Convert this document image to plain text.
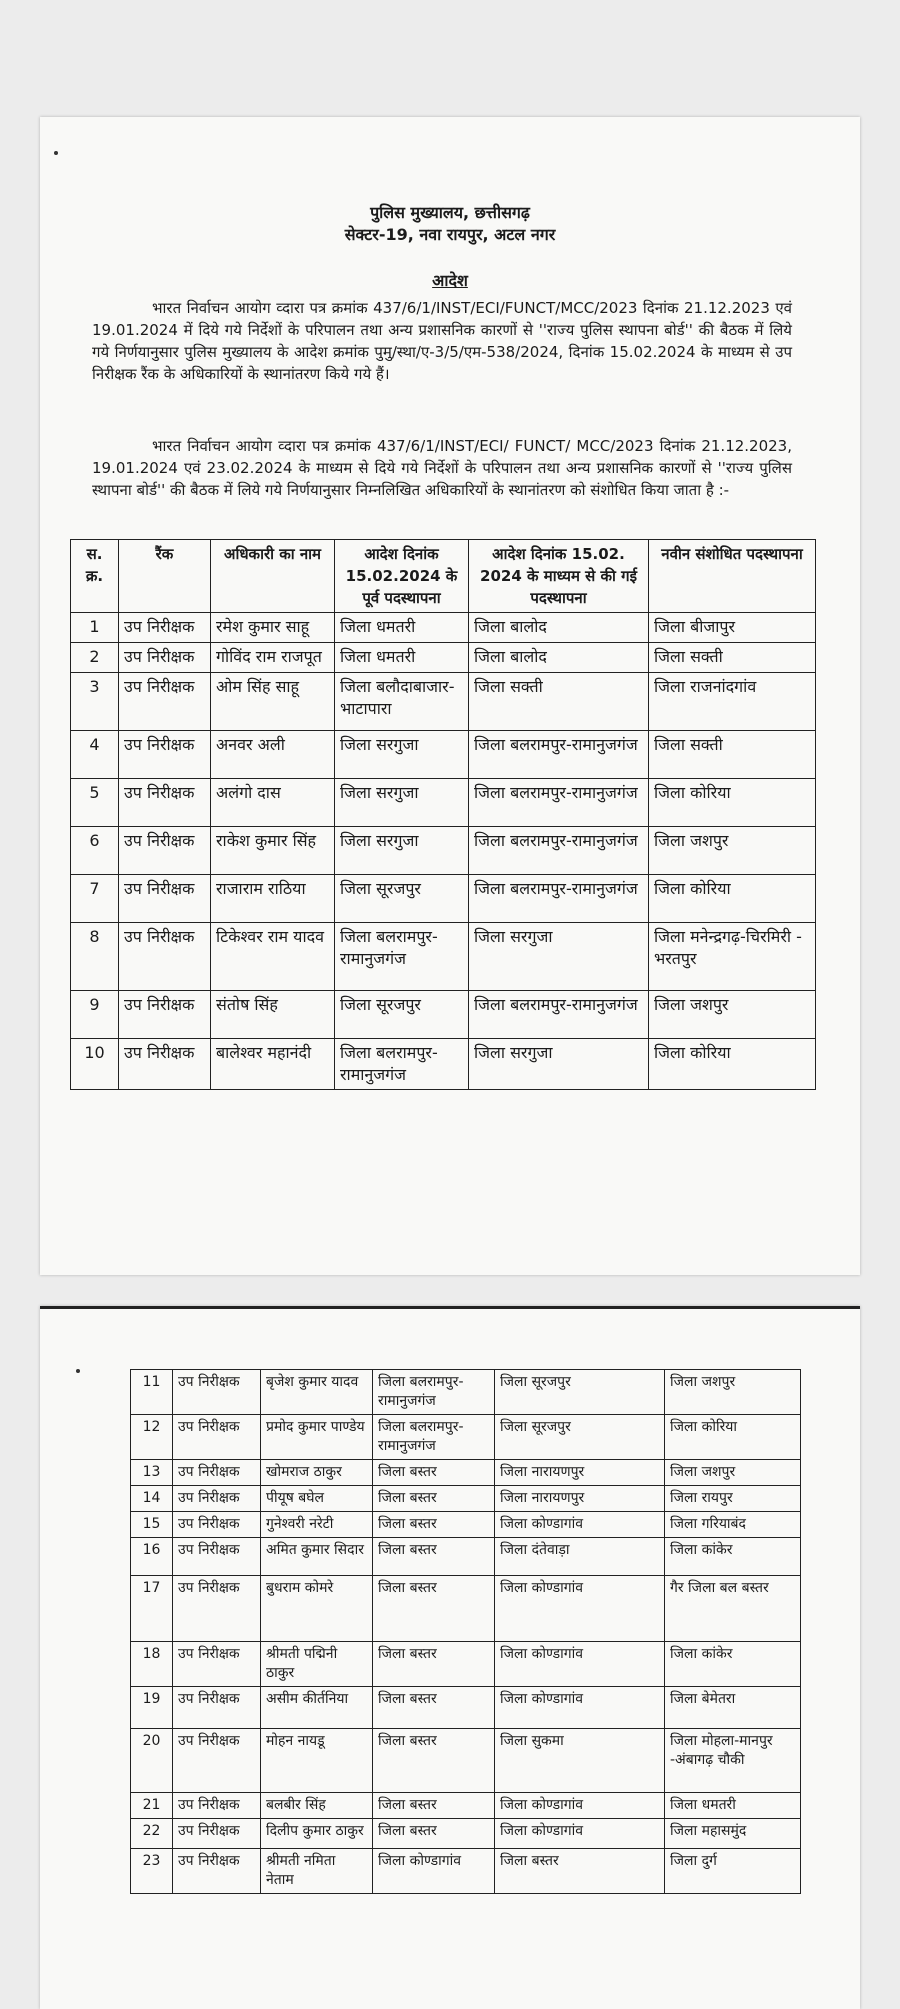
पुलिस मुख्यालय, छत्तीसगढ़
सेक्टर-19, नवा रायपुर, अटल नगर
आदेश

भारत निर्वाचन आयोग व्दारा पत्र क्रमांक 437/6/1/INST/ECI/FUNCT/MCC/2023 दिनांक 21.12.2023 एवं 19.01.2024 में दिये गये निर्देशों के परिपालन तथा अन्य प्रशासनिक कारणों से ''राज्य पुलिस स्थापना बोर्ड'' की बैठक में लिये गये निर्णयानुसार पुलिस मुख्यालय के आदेश क्रमांक पुमु/स्था/ए-3/5/एम-538/2024, दिनांक 15.02.2024 के माध्यम से उप निरीक्षक रैंक के अधिकारियों के स्थानांतरण किये गये हैं।

भारत निर्वाचन आयोग व्दारा पत्र क्रमांक 437/6/1/INST/ECI/ FUNCT/ MCC/2023 दिनांक 21.12.2023, 19.01.2024 एवं 23.02.2024 के माध्यम से दिये गये निर्देशों के परिपालन तथा अन्य प्रशासनिक कारणों से ''राज्य पुलिस स्थापना बोर्ड'' की बैठक में लिये गये निर्णयानुसार निम्नलिखित अधिकारियों के स्थानांतरण को संशोधित किया जाता है :-

स. क्र.	रैंक	अधिकारी का नाम	आदेश दिनांक 15.02.2024 के पूर्व पदस्थापना	आदेश दिनांक 15.02. 2024 के माध्यम से की गई पदस्थापना	नवीन संशोधित पदस्थापना
1	उप निरीक्षक	रमेश कुमार साहू	जिला धमतरी	जिला बालोद	जिला बीजापुर
2	उप निरीक्षक	गोविंद राम राजपूत	जिला धमतरी	जिला बालोद	जिला सक्ती
3	उप निरीक्षक	ओम सिंह साहू	जिला बलौदाबाजार-भाटापारा	जिला सक्ती	जिला राजनांदगांव
4	उप निरीक्षक	अनवर अली	जिला सरगुजा	जिला बलरामपुर-रामानुजगंज	जिला सक्ती
5	उप निरीक्षक	अलंगो दास	जिला सरगुजा	जिला बलरामपुर-रामानुजगंज	जिला कोरिया
6	उप निरीक्षक	राकेश कुमार सिंह	जिला सरगुजा	जिला बलरामपुर-रामानुजगंज	जिला जशपुर
7	उप निरीक्षक	राजाराम राठिया	जिला सूरजपुर	जिला बलरामपुर-रामानुजगंज	जिला कोरिया
8	उप निरीक्षक	टिकेश्वर राम यादव	जिला बलरामपुर-रामानुजगंज	जिला सरगुजा	जिला मनेन्द्रगढ़-चिरमिरी - भरतपुर
9	उप निरीक्षक	संतोष सिंह	जिला सूरजपुर	जिला बलरामपुर-रामानुजगंज	जिला जशपुर
10	उप निरीक्षक	बालेश्वर महानंदी	जिला बलरामपुर-रामानुजगंज	जिला सरगुजा	जिला कोरिया
11	उप निरीक्षक	बृजेश कुमार यादव	जिला बलरामपुर-रामानुजगंज	जिला सूरजपुर	जिला जशपुर
12	उप निरीक्षक	प्रमोद कुमार पाण्डेय	जिला बलरामपुर-रामानुजगंज	जिला सूरजपुर	जिला कोरिया
13	उप निरीक्षक	खोमराज ठाकुर	जिला बस्तर	जिला नारायणपुर	जिला जशपुर
14	उप निरीक्षक	पीयूष बघेल	जिला बस्तर	जिला नारायणपुर	जिला रायपुर
15	उप निरीक्षक	गुनेश्वरी नरेटी	जिला बस्तर	जिला कोण्डागांव	जिला गरियाबंद
16	उप निरीक्षक	अमित कुमार सिदार	जिला बस्तर	जिला दंतेवाड़ा	जिला कांकेर
17	उप निरीक्षक	बुधराम कोमरे	जिला बस्तर	जिला कोण्डागांव	गैर जिला बल बस्तर
18	उप निरीक्षक	श्रीमती पद्मिनी ठाकुर	जिला बस्तर	जिला कोण्डागांव	जिला कांकेर
19	उप निरीक्षक	असीम कीर्तनिया	जिला बस्तर	जिला कोण्डागांव	जिला बेमेतरा
20	उप निरीक्षक	मोहन नायडू	जिला बस्तर	जिला सुकमा	जिला मोहला-मानपुर -अंबागढ़ चौकी
21	उप निरीक्षक	बलबीर सिंह	जिला बस्तर	जिला कोण्डागांव	जिला धमतरी
22	उप निरीक्षक	दिलीप कुमार ठाकुर	जिला बस्तर	जिला कोण्डागांव	जिला महासमुंद
23	उप निरीक्षक	श्रीमती नमिता नेताम	जिला कोण्डागांव	जिला बस्तर	जिला दुर्ग
